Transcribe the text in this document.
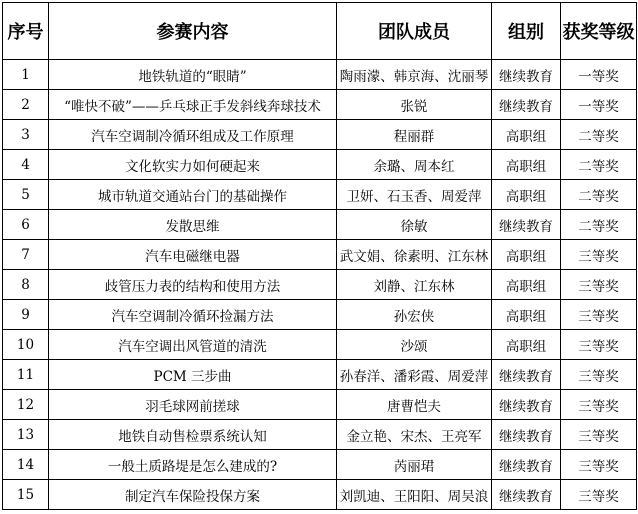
序号	参赛内容	团队成员	组别	获奖等级
1	地铁轨道的“眼睛”	陶雨濛、韩京海、沈丽琴	继续教育	一等奖
2	“唯快不破”——乒乓球正手发斜线奔球技术	张锐	继续教育	一等奖
3	汽车空调制冷循环组成及工作原理	程丽群	高职组	二等奖
4	文化软实力如何硬起来	余璐、周本红	高职组	二等奖
5	城市轨道交通站台门的基础操作	卫妍、石玉香、周爱萍	高职组	二等奖
6	发散思维	徐敏	继续教育	二等奖
7	汽车电磁继电器	武文娟、徐素明、江东林	高职组	三等奖
8	歧管压力表的结构和使用方法	刘静、江东林	高职组	三等奖
9	汽车空调制冷循环捡漏方法	孙宏侠	高职组	三等奖
10	汽车空调出风管道的清洗	沙颂	高职组	三等奖
11	PCM 三步曲	孙春洋、潘彩霞、周爱萍	继续教育	三等奖
12	羽毛球网前搓球	唐曹恺夫	继续教育	三等奖
13	地铁自动售检票系统认知	金立艳、宋杰、王亮军	继续教育	三等奖
14	一般土质路堤是怎么建成的?	芮丽珺	继续教育	三等奖
15	制定汽车保险投保方案	刘凯迪、王阳阳、周吴浪	继续教育	三等奖
